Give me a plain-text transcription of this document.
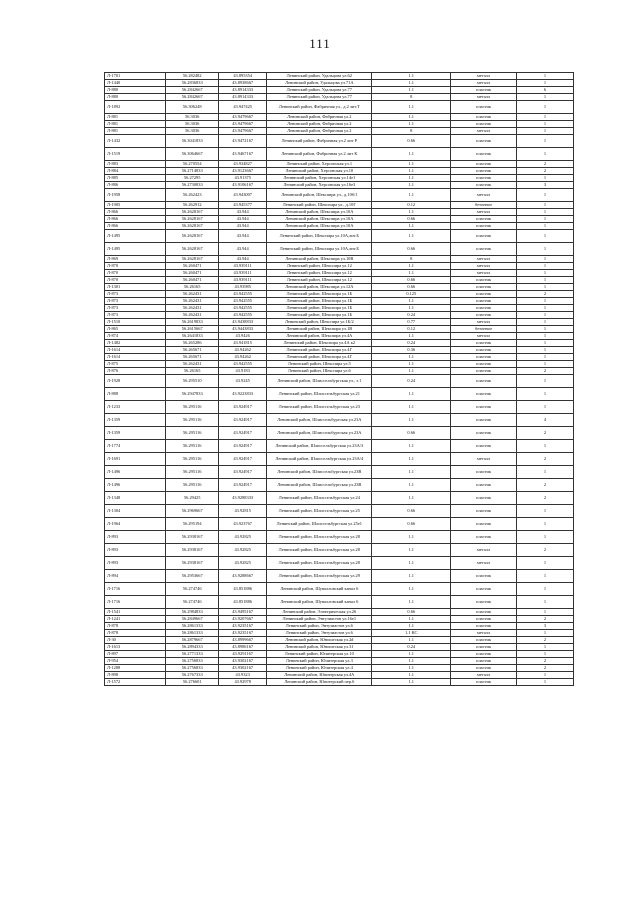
111
Л-1701	56.282482	43.895354	Ленинский район, Удальцова ул.62	1.1	металл	1
Л-1440	56.2836833	43.8938667	Ленинский район, Удальцова ул.71А	1.1	металл	1
Л-880	56.2842667	43.8914333	Ленинский район, Удальцова ул.77	1.1	пластик	6
Л-880	56.2842667	43.8914333	Ленинский район, Удальцова ул.77	8	металл	1
Л-1892	56.306248	43.947425	Ленинский район, Фабричная ул., д.2 лит.Т	1.1	пластик	1
Л-881	56.3036	43.9479667	Ленинский район, Фабричная ул.2	1.1	пластик	1
Л-881	56.3036	43.9479667	Ленинский район, Фабричная ул.2	1.1	пластик	1
Л-881	56.3036	43.9479667	Ленинский район, Фабричная ул.2	8	металл	1
Л-1432	56.3041833	43.9472167	Ленинский район, Фабричная ул.2 лит Р	0.66	пластик	1
Л-1519	56.3064667	43.9467167	Ленинский район, Фабричная ул.2 лит К	1.1	пластик	1
Л-883	56.270554	43.934827	Ленинский район, Херсонская ул.1	1.1	пластик	2
Л-884	56.2714833	43.9123667	Ленинский район, Херсонская ул.10	1.1	пластик	2
Л-885	56.27295	43.91375	Ленинский район, Херсонская ул.14е1	1.1	пластик	1
Л-886	56.2730833	43.9106167	Ленинский район, Херсонская ул.16е3	1.1	пластик	3
Л-1958	56.262423	43.943007	Ленинский район, Шекспира ул., д.10б/1	1.1	металл	1
Л-1905	56.262912	43.945377	Ленинский район, Шекспира ул., д.10Г	0.12	бетонное	1
Л-866	56.2628167	43.944	Ленинский район, Шекспира ул.10А	1.1	металл	1
Л-866	56.2628167	43.944	Ленинский район, Шекспира ул.10А	0.66	пластик	1
Л-866	56.2628167	43.944	Ленинский район, Шекспира ул.10А	1.1	пластик	1
Л-1495	56.2628167	43.944	Ленинский район, Шекспира ул.10А,лит.Б	1.1	пластик	1
Л-1495	56.2628167	43.944	Ленинский район, Шекспира ул.10А,лит.Б	0.66	пластик	1
Л-869	56.2628167	43.944	Ленинский район, Шекспира ул.10В	8	металл	1
Л-870	56.260471	43.939111	Ленинский район, Шекспира ул.12	1.1	металл	1
Л-870	56.260471	43.939111	Ленинский район, Шекспира ул.12	1.1	металл	1
Л-870	56.260471	43.939111	Ленинский район, Шекспира ул.12	0.66	пластик	1
Л-1301	56.26165	43.93985	Ленинский район, Шекспира ул.12А	0.66	пластик	1
Л-873	56.262431	43.942555	Ленинский район, Шекспира ул.1Б	0.125	пластик	2
Л-873	56.262431	43.942555	Ленинский район, Шекспира ул.1Б	1.1	пластик	1
Л-873	56.262431	43.942555	Ленинский район, Шекспира ул.1Б	1.1	пластик	1
Л-873	56.262431	43.942555	Ленинский район, Шекспира ул.1Б	0.24	пластик	1
Л-1510	56.2619833	43.9438833	Ленинский район, Шекспира ул.1Б/2	0.77	металл	1
Л-865	56.2615667	43.9443833	Ленинский район, Шекспира ул.1В	0.12	бетонное	1
Л-874	56.2641833	43.9426	Ленинский район, Шекспира ул.4А	1.1	металл	1
Л-1482	56.265286	43.941815	Ленинский район, Шекспира ул.4А к2	0.24	пластик	1
Л-1614	56.265671	43.94262	Ленинский район, Шекспира ул.4Г	0.36	пластик	1
Л-1614	56.265671	43.94262	Ленинский район, Шекспира ул.4Г	1.1	пластик	1
Л-875	56.262431	43.942555	Ленинский район, Шекспира ул.5	1.1	пластик	1
Л-876	56.26165	43.9183	Ленинский район, Шекспира ул.6	1.1	пластик	2
Л-1928	56.295510	43.9245	Ленинский район, Шлиссельбургская ул., з.1	0.24	пластик	1
Л-888	56.2947833	43.9223833	Ленинский район, Шлиссельбургская ул.21	1.1	пластик	1
Л-1233	56.295116	43.924917	Ленинский район, Шлиссельбургская ул.23	1.1	пластик	1
Л-1359	56.295116	43.924917	Ленинский район, Шлиссельбургская ул.23А	1.1	пластик	4
Л-1359	56.295116	43.924917	Ленинский район, Шлиссельбургская ул.23А	0.66	пластик	2
Л-1774	56.295116	43.924917	Ленинский район, Шлиссельбургская ул.23А/3	1.1	пластик	1
Л-1691	56.295116	43.924917	Ленинский район, Шлиссельбургская ул.23А/4	1.1	металл	2
Л-1496	56.295116	43.924917	Ленинский район, Шлиссельбургская ул.23В	1.1	пластик	1
Л-1496	56.295116	43.924917	Ленинский район, Шлиссельбургская ул.23В	1.1	пластик	2
Л-1348	56.29425	43.9288333	Ленинский район, Шлиссельбургская ул.24	1.1	пластик	2
Л-1304	56.2969667	43.92815	Ленинский район, Шлиссельбургская ул.25	0.66	пластик	1
Л-1964	56.295194	43.923767	Ленинский район, Шлиссельбургская ул.25е1	0.66	пластик	1
Л-893	56.2938167	43.92825	Ленинский район, Шлиссельбургская ул.28	1.1	пластик	1
Л-893	56.2938167	43.92825	Ленинский район, Шлиссельбургская ул.28	1.1	металл	2
Л-893	56.2938167	43.92825	Ленинский район, Шлиссельбургская ул.28	1.1	металл	1
Л-894	56.2953667	43.9288667	Ленинский район, Шлиссельбургская ул.29	1.1	пластик	1
Л-1716	56.274746	43.851886	Ленинский район, Шувалловский канал 6	1.1	пластик	1
Л-1716	56.274746	43.851886	Ленинский район, Шувалловский канал 6	1.1	пластик	1
Л-1541	56.2984833	43.9495167	Ленинский район, Электрическая ул.26	0.66	пластик	1
Л-1241	56.2849667	43.9207667	Ленинский район, Энтузиастов ул.16е1	1.1	пластик	2
Л-878	56.2861333	43.9235167	Ленинский район, Энтузиастов ул.6	1.1	пластик	3
Л-878	56.2861333	43.9235167	Ленинский район, Энтузиастов ул.6	1.1 КС	металл	1
Л-30	56.2879667	43.8999667	Ленинский район, Юношеская ул.2#	1.1	пластик	2
Л-1613	56.2894333	43.8986167	Ленинский район, Юношеская ул.31	0.24	пластик	1
Л-897	56.2771333	43.9291167	Ленинский район, Юпитерская ул.10	1.1	пластик	1
Л-954	56.2756833	43.9302167	Ленинский район, Юпитерская ул.3	1.1	пластик	2
Л-1288	56.2756833	43.9302167	Ленинский район, Юпитерская ул.4	1.1	пластик	2
Л-898	56.2767333	43.9323	Ленинский район, Юпитерская ул.4А	1.1	металл	1
Л-1572	56.276601	43.92978	Ленинский район, Юпитерский пер.6	1.1	пластик	1
